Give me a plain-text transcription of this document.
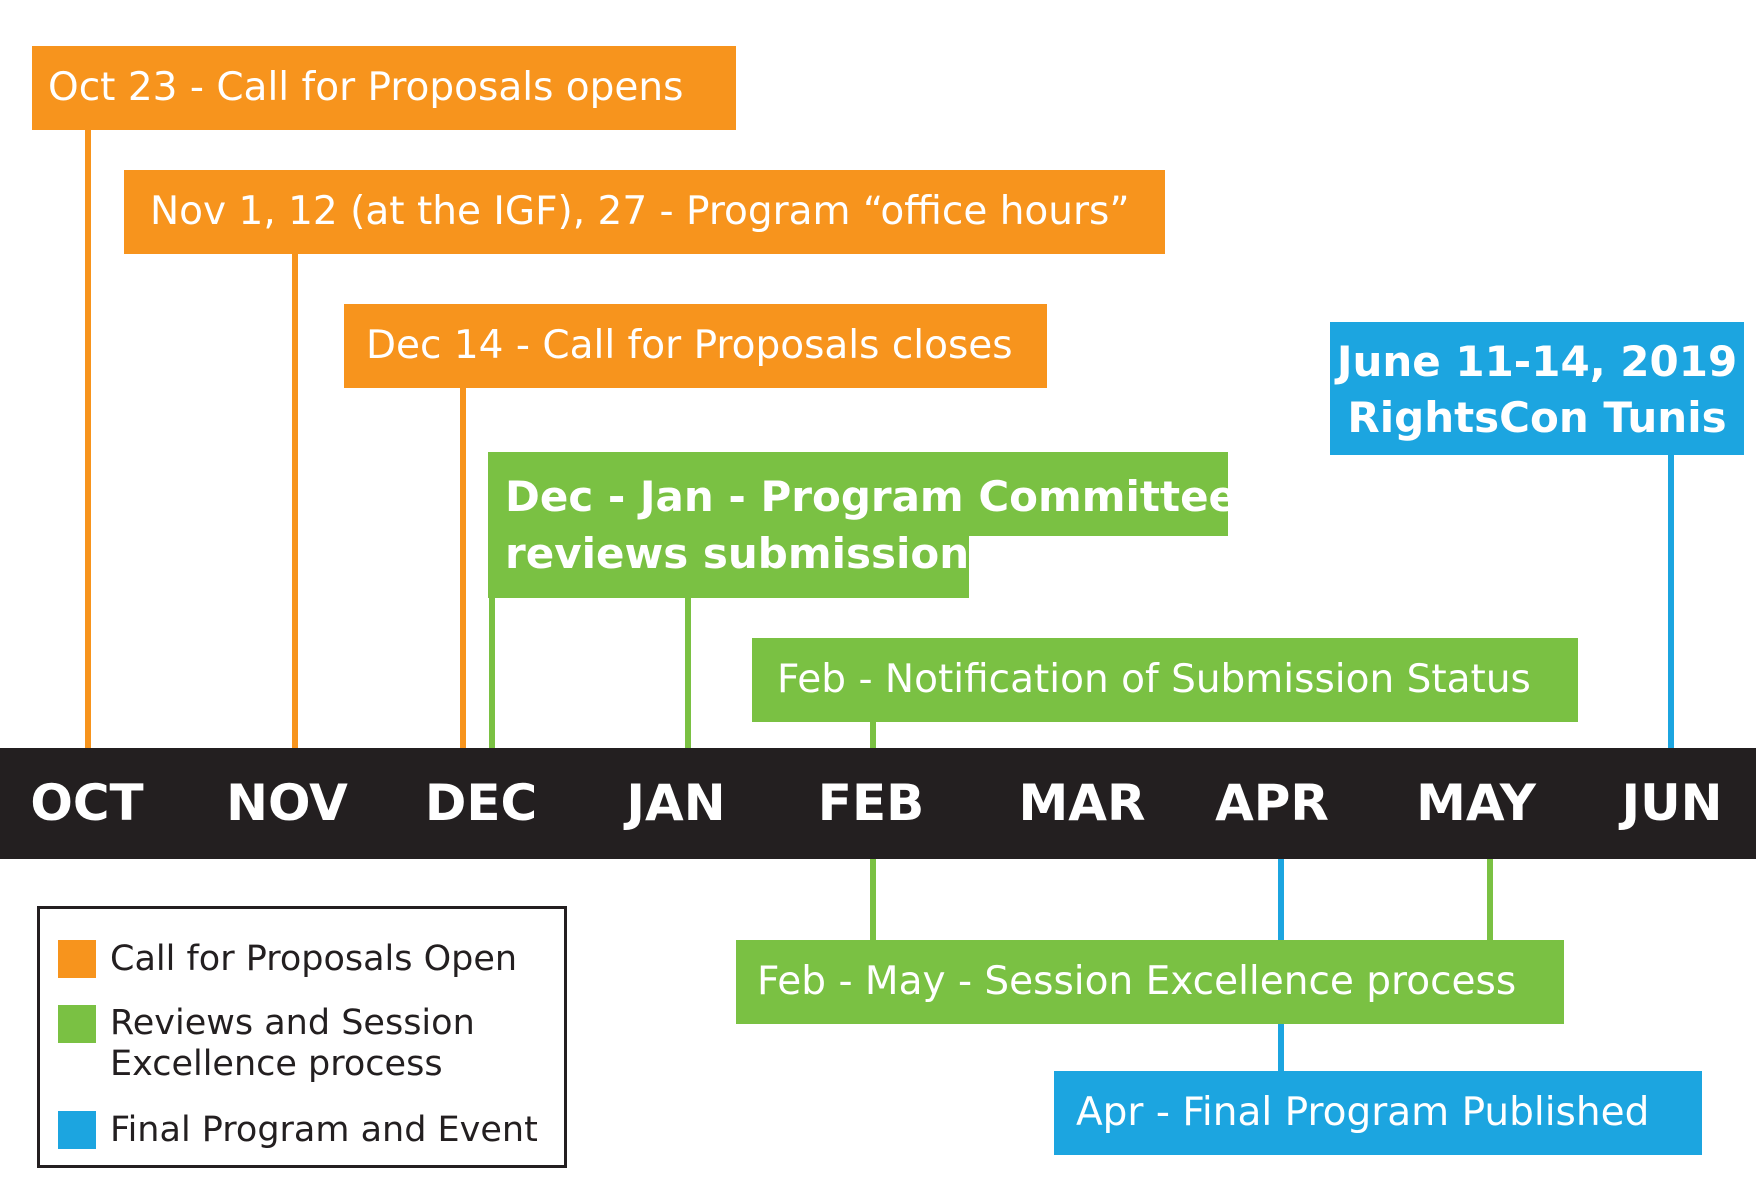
OCT NOV DEC JAN FEB MAR APR MAY JUN
Oct 23 - Call for Proposals opens
Nov 1, 12 (at the IGF), 27 - Program “office hours”
Dec 14 - Call for Proposals closes
Dec - Jan - Program Committee
reviews submissions
Feb - Notification of Submission Status
June 11-14, 2019
RightsCon Tunis
Feb - May - Session Excellence process
Apr - Final Program Published
Call for Proposals Open
Reviews and Session
Excellence process
Final Program and Event
